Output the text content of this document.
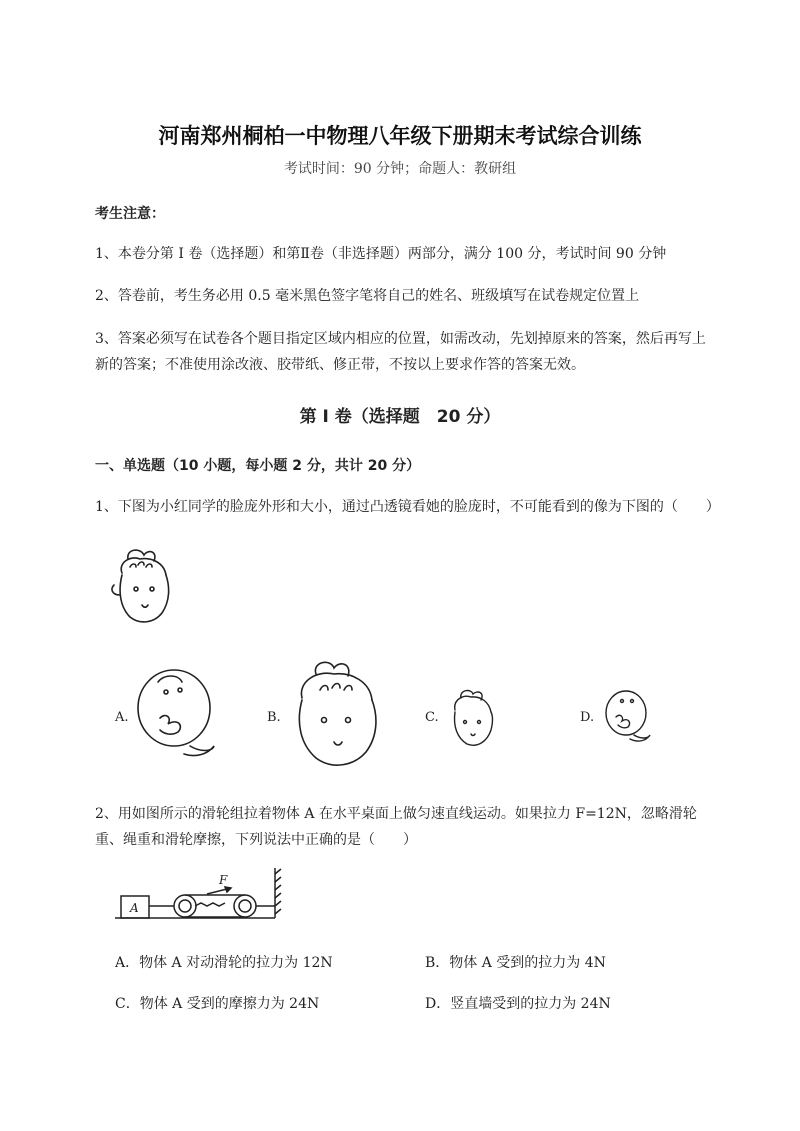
河南郑州桐柏一中物理八年级下册期末考试综合训练
考试时间：90 分钟；命题人：教研组
考生注意：
1、本卷分第 I 卷（选择题）和第Ⅱ卷（非选择题）两部分，满分 100 分，考试时间 90 分钟
2、答卷前，考生务必用 0.5 毫米黑色签字笔将自己的姓名、班级填写在试卷规定位置上
3、答案必须写在试卷各个题目指定区域内相应的位置，如需改动，先划掉原来的答案，然后再写上新的答案；不准使用涂改液、胶带纸、修正带，不按以上要求作答的答案无效。
第 I 卷（选择题　20 分）
一、单选题（10 小题，每小题 2 分，共计 20 分）
1、下图为小红同学的脸庞外形和大小，通过凸透镜看她的脸庞时，不可能看到的像为下图的（　　）
A.	B.	C.	D.
2、用如图所示的滑轮组拉着物体 A 在水平桌面上做匀速直线运动。如果拉力 F=12N，忽略滑轮重、绳重和滑轮摩擦，下列说法中正确的是（　　）
A
F
A．物体 A 对动滑轮的拉力为 12N	B．物体 A 受到的拉力为 4N
C．物体 A 受到的摩擦力为 24N	D．竖直墙受到的拉力为 24N
